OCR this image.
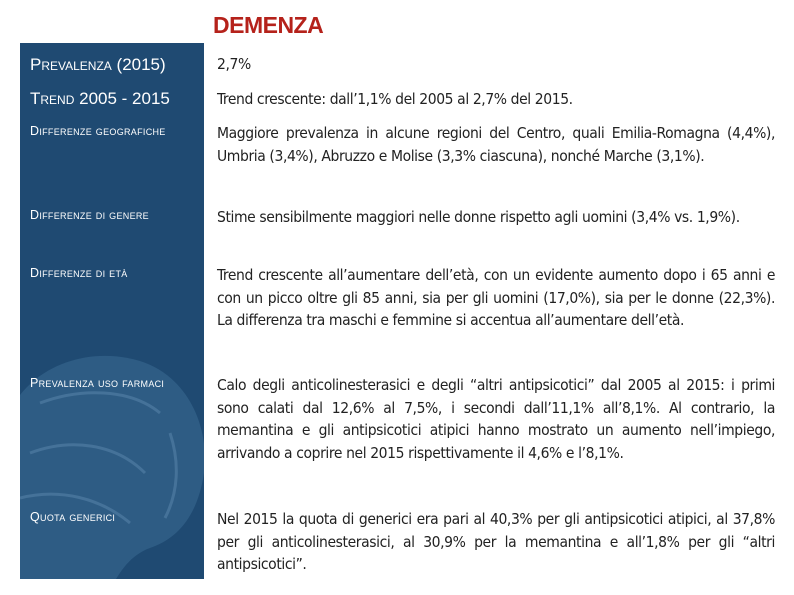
DEMENZA
Prevalenza (2015)
Trend 2005 - 2015
Differenze geografiche
Differenze di genere
Differenze di età
Prevalenza uso farmaci
Quota generici
2,7%
Trend crescente: dall’1,1% del 2005 al 2,7% del 2015.
Maggiore prevalenza in alcune regioni del Centro, quali Emilia-Romagna (4,4%), Umbria (3,4%), Abruzzo e Molise (3,3% ciascuna), nonché Marche (3,1%).
Stime sensibilmente maggiori nelle donne rispetto agli uomini (3,4% vs. 1,9%).
Trend crescente all’aumentare dell’età, con un evidente aumento dopo i 65 anni e con un picco oltre gli 85 anni, sia per gli uomini (17,0%), sia per le donne (22,3%). La differenza tra maschi e femmine si accentua all’aumentare dell’età.
Calo degli anticolinesterasici e degli “altri antipsicotici” dal 2005 al 2015: i primi sono calati dal 12,6% al 7,5%, i secondi dall’11,1% all’8,1%. Al contrario, la memantina e gli antipsicotici atipici hanno mostrato un aumento nell’impiego, arrivando a coprire nel 2015 rispettivamente il 4,6% e l’8,1%.
Nel 2015 la quota di generici era pari al 40,3% per gli antipsicotici atipici, al 37,8% per gli anticolinesterasici, al 30,9% per la memantina e all’1,8% per gli “altri antipsicotici”.
